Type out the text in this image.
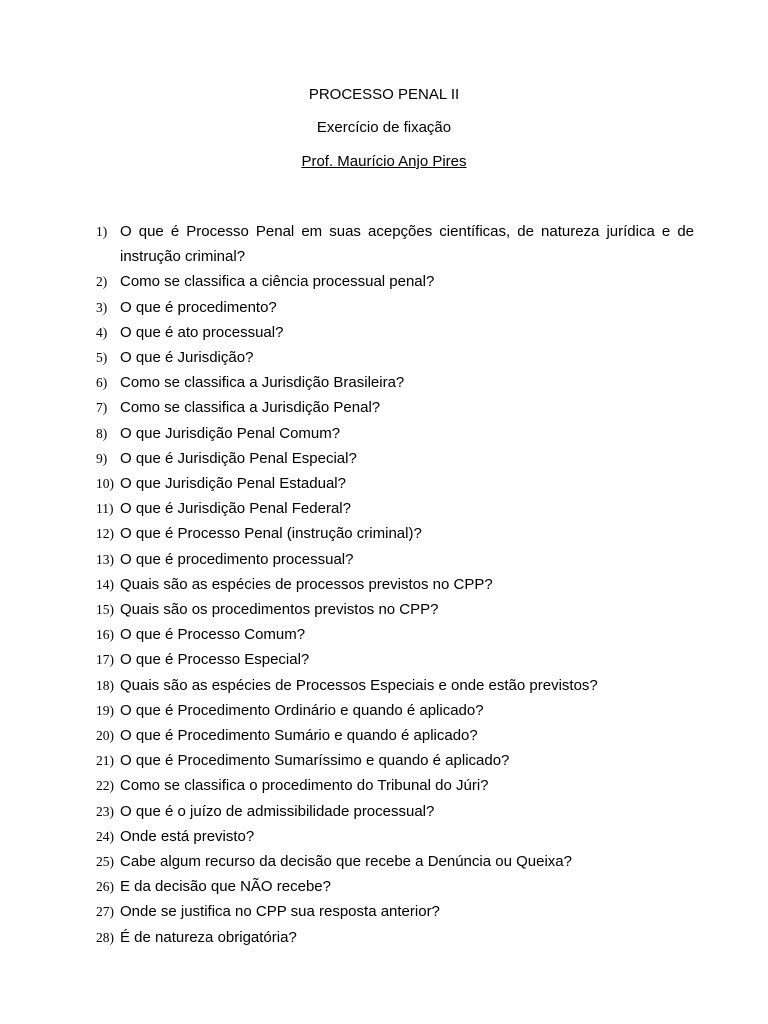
PROCESSO PENAL II
Exercício de fixação
Prof. Maurício Anjo Pires
1) O que é Processo Penal em suas acepções científicas, de natureza jurídica e de instrução criminal?
2) Como se classifica a ciência processual penal?
3) O que é procedimento?
4) O que é ato processual?
5) O que é Jurisdição?
6) Como se classifica a Jurisdição Brasileira?
7) Como se classifica a Jurisdição Penal?
8) O que Jurisdição Penal Comum?
9) O que é Jurisdição Penal Especial?
10) O que Jurisdição Penal Estadual?
11) O que é Jurisdição Penal Federal?
12) O que é Processo Penal (instrução criminal)?
13) O que é procedimento processual?
14) Quais são as espécies de processos previstos no CPP?
15) Quais são os procedimentos previstos no CPP?
16) O que é Processo Comum?
17) O que é Processo Especial?
18) Quais são as espécies de Processos Especiais e onde estão previstos?
19) O que é Procedimento Ordinário e quando é aplicado?
20) O que é Procedimento Sumário e quando é aplicado?
21) O que é Procedimento Sumaríssimo e quando é aplicado?
22) Como se classifica o procedimento do Tribunal do Júri?
23) O que é o juízo de admissibilidade processual?
24) Onde está previsto?
25) Cabe algum recurso da decisão que recebe a Denúncia ou Queixa?
26) E da decisão que NÃO recebe?
27) Onde se justifica no CPP sua resposta anterior?
28) É de natureza obrigatória?
